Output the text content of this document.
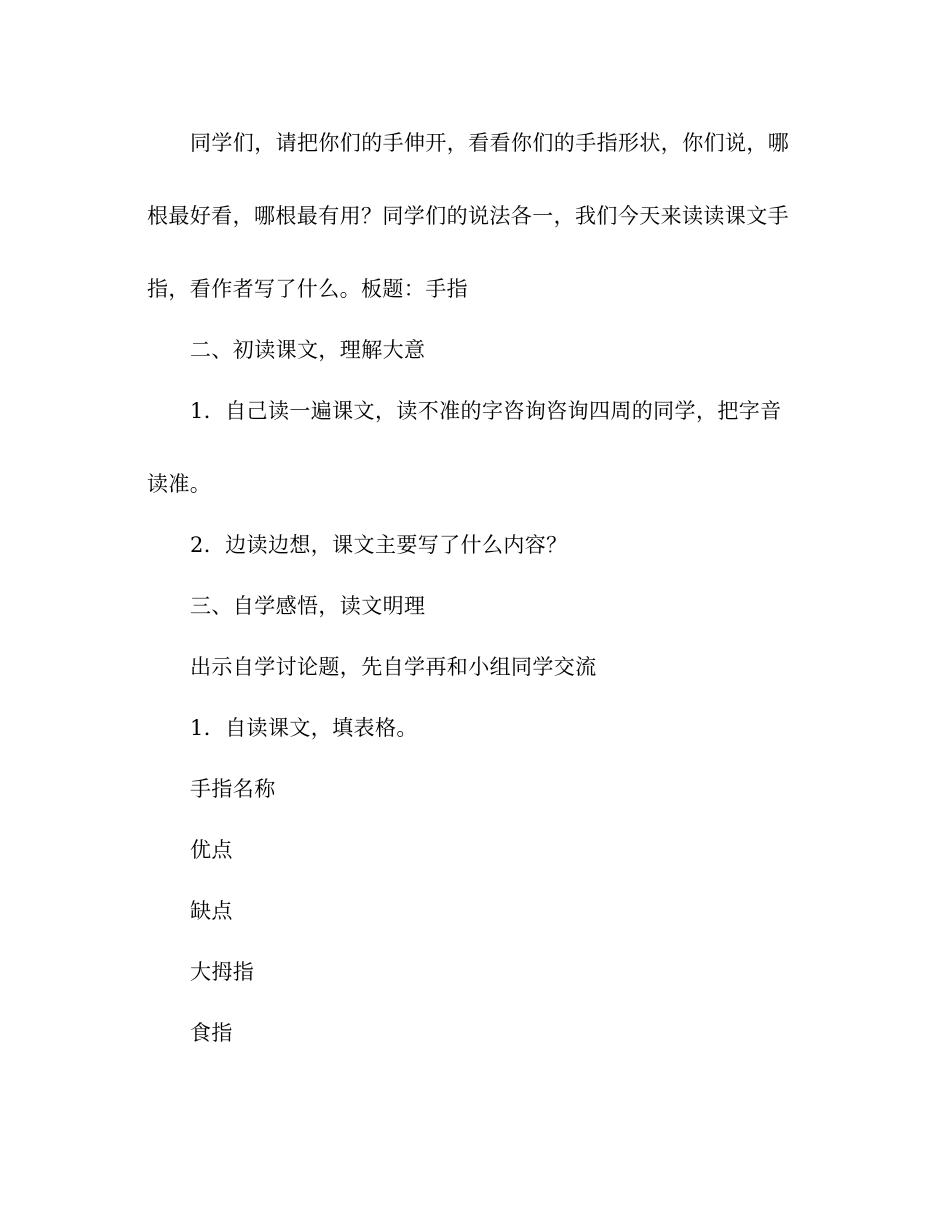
同学们，请把你们的手伸开，看看你们的手指形状，你们说，哪

根最好看，哪根最有用？同学们的说法各一，我们今天来读读课文手

指，看作者写了什么。板题：手指

二、初读课文，理解大意

1．自己读一遍课文，读不准的字咨询咨询四周的同学，把字音

读准。

2．边读边想，课文主要写了什么内容？

三、自学感悟，读文明理

出示自学讨论题，先自学再和小组同学交流

1．自读课文，填表格。

手指名称

优点

缺点

大拇指

食指
